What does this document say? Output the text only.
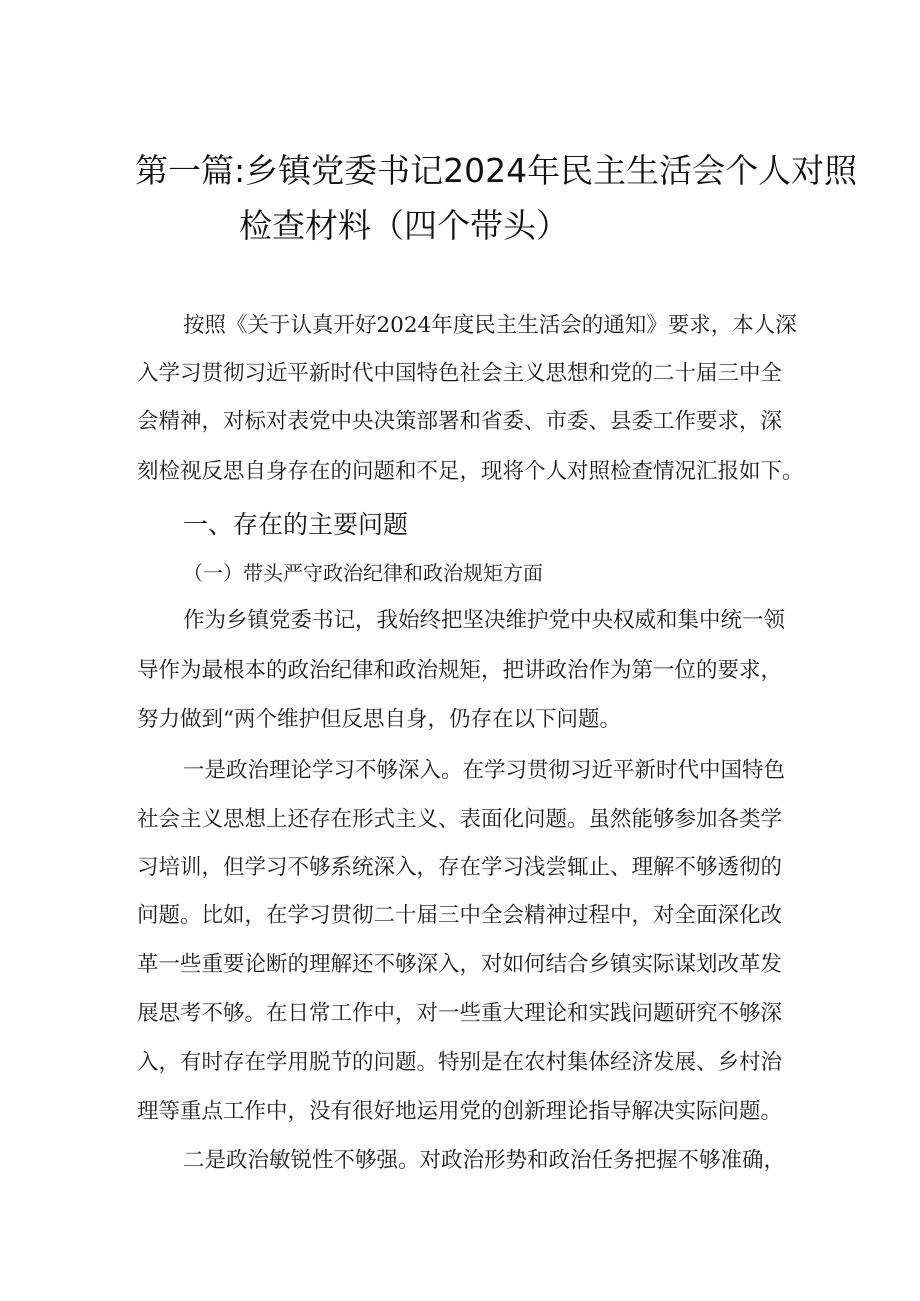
第一篇:乡镇党委书记2024年民主生活会个人对照
检查材料（四个带头）
按照《关于认真开好2024年度民主生活会的通知》要求，本人深
入学习贯彻习近平新时代中国特色社会主义思想和党的二十届三中全
会精神，对标对表党中央决策部署和省委、市委、县委工作要求，深
刻检视反思自身存在的问题和不足，现将个人对照检查情况汇报如下。
一、存在的主要问题
（一）带头严守政治纪律和政治规矩方面
作为乡镇党委书记，我始终把坚决维护党中央权威和集中统一领
导作为最根本的政治纪律和政治规矩，把讲政治作为第一位的要求，
努力做到“两个维护但反思自身，仍存在以下问题。
一是政治理论学习不够深入。在学习贯彻习近平新时代中国特色
社会主义思想上还存在形式主义、表面化问题。虽然能够参加各类学
习培训，但学习不够系统深入，存在学习浅尝辄止、理解不够透彻的
问题。比如，在学习贯彻二十届三中全会精神过程中，对全面深化改
革一些重要论断的理解还不够深入，对如何结合乡镇实际谋划改革发
展思考不够。在日常工作中，对一些重大理论和实践问题研究不够深
入，有时存在学用脱节的问题。特别是在农村集体经济发展、乡村治
理等重点工作中，没有很好地运用党的创新理论指导解决实际问题。
二是政治敏锐性不够强。对政治形势和政治任务把握不够准确，
